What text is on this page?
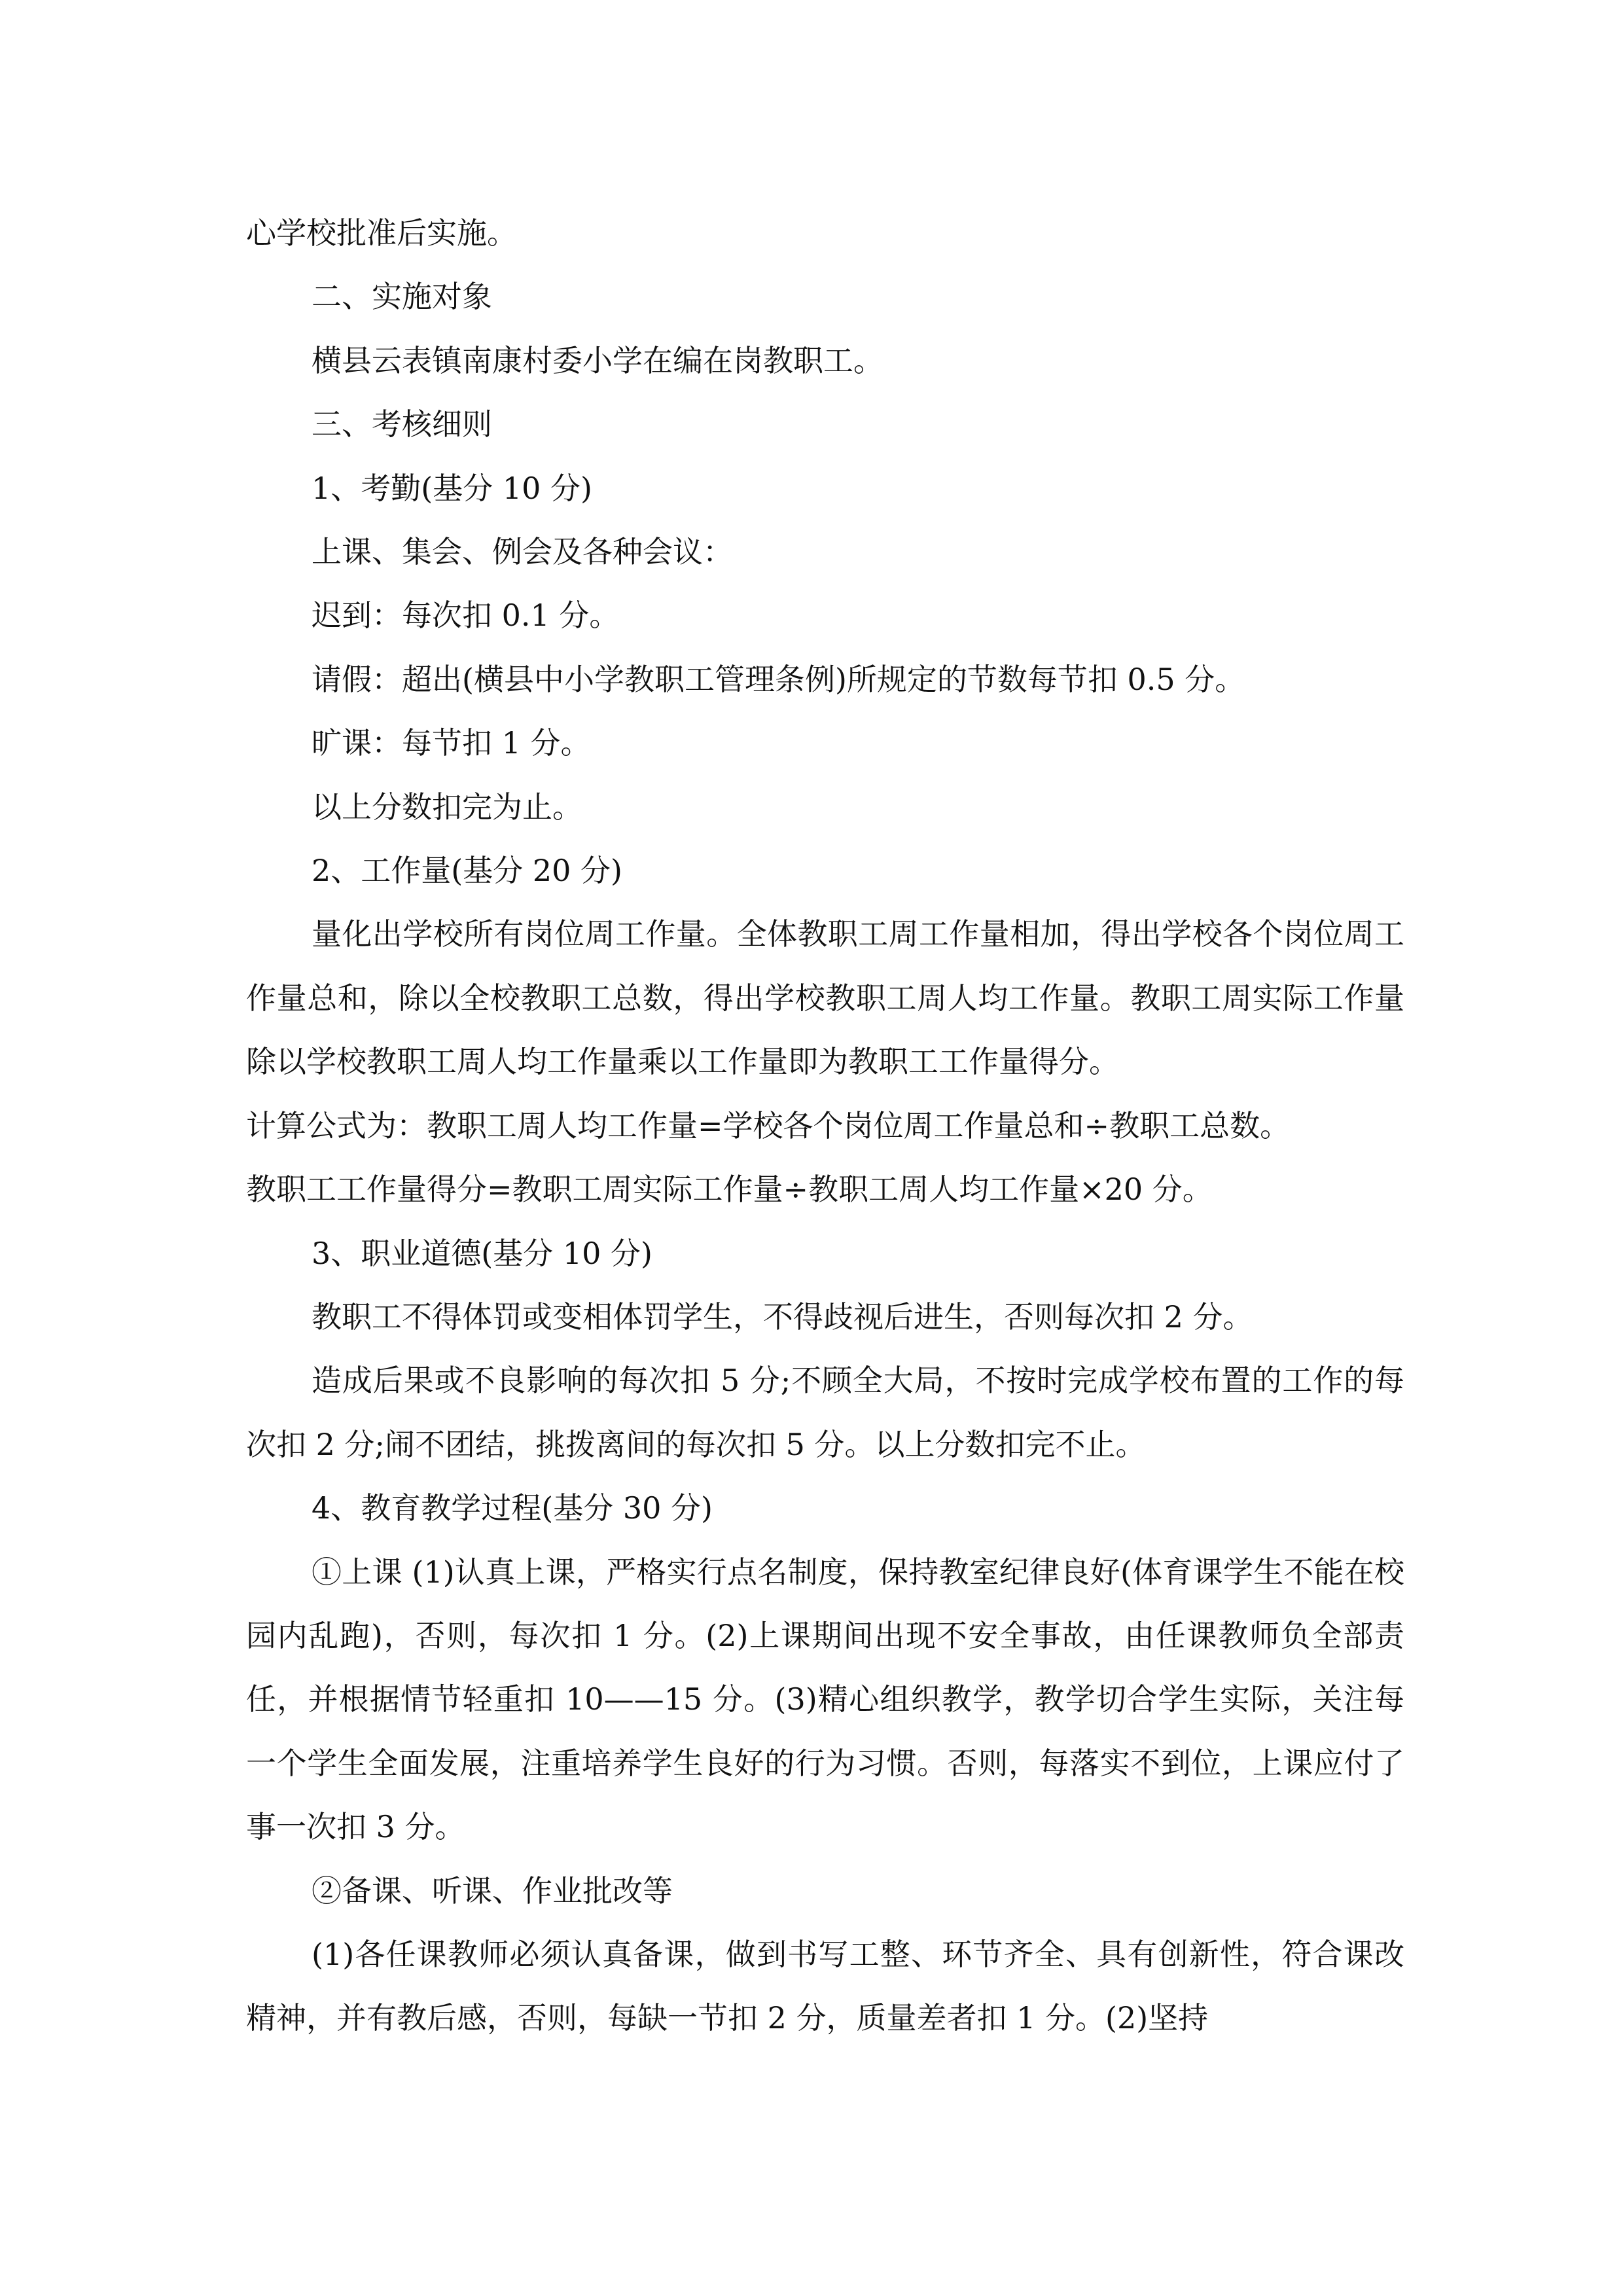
心学校批准后实施。

二、实施对象

横县云表镇南康村委小学在编在岗教职工。

三、考核细则

1、考勤(基分 10 分)

上课、集会、例会及各种会议：

迟到：每次扣 0.1 分。

请假：超出(横县中小学教职工管理条例)所规定的节数每节扣 0.5 分。

旷课：每节扣 1 分。

以上分数扣完为止。

2、工作量(基分 20 分)

量化出学校所有岗位周工作量。全体教职工周工作量相加，得出学校各个岗位周工作量总和，除以全校教职工总数，得出学校教职工周人均工作量。教职工周实际工作量除以学校教职工周人均工作量乘以工作量即为教职工工作量得分。

计算公式为：教职工周人均工作量=学校各个岗位周工作量总和÷教职工总数。

教职工工作量得分=教职工周实际工作量÷教职工周人均工作量×20 分。

3、职业道德(基分 10 分)

教职工不得体罚或变相体罚学生，不得歧视后进生，否则每次扣 2 分。

造成后果或不良影响的每次扣 5 分;不顾全大局，不按时完成学校布置的工作的每次扣 2 分;闹不团结，挑拨离间的每次扣 5 分。以上分数扣完不止。

4、教育教学过程(基分 30 分)

①上课 (1)认真上课，严格实行点名制度，保持教室纪律良好(体育课学生不能在校园内乱跑)，否则，每次扣 1 分。(2)上课期间出现不安全事故，由任课教师负全部责任，并根据情节轻重扣 10——15 分。(3)精心组织教学，教学切合学生实际，关注每一个学生全面发展，注重培养学生良好的行为习惯。否则，每落实不到位，上课应付了事一次扣 3 分。

②备课、听课、作业批改等

(1)各任课教师必须认真备课，做到书写工整、环节齐全、具有创新性，符合课改精神，并有教后感，否则，每缺一节扣 2 分，质量差者扣 1 分。(2)坚持
